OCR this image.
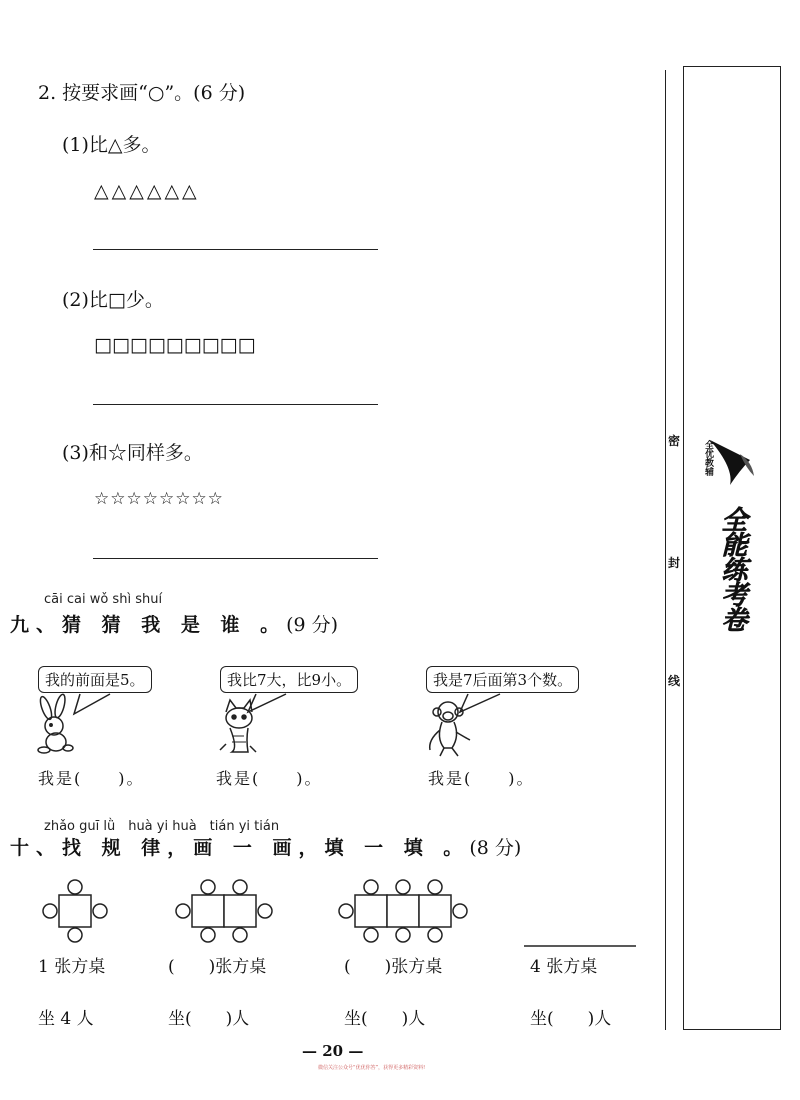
2. 按要求画“○”。(6 分)
(1)比△多。
△△△△△△
(2)比□少。
□□□□□□□□□
(3)和☆同样多。
☆☆☆☆☆☆☆☆
cāi cai wǒ shì shuí
九、猜 猜 我 是 谁 。(9 分)
我的前面是5。	我比7大，比9小。	我是7后面第3个数。
我是(　　)。	我是(　　)。	我是(　　)。
zhǎo guī lǜ　huà yi huà　tián yi tián
十、找 规 律，画 一 画，填 一 填 。(8 分)
1 张方桌	(　　)张方桌	(　　)张方桌	4 张方桌
坐 4 人	坐(　　)人	坐(　　)人	坐(　　)人
密
封
线
全优教辅
全能练考卷
— 20 —
微信关注公众号“优优你答”，获得更多精彩资料!
